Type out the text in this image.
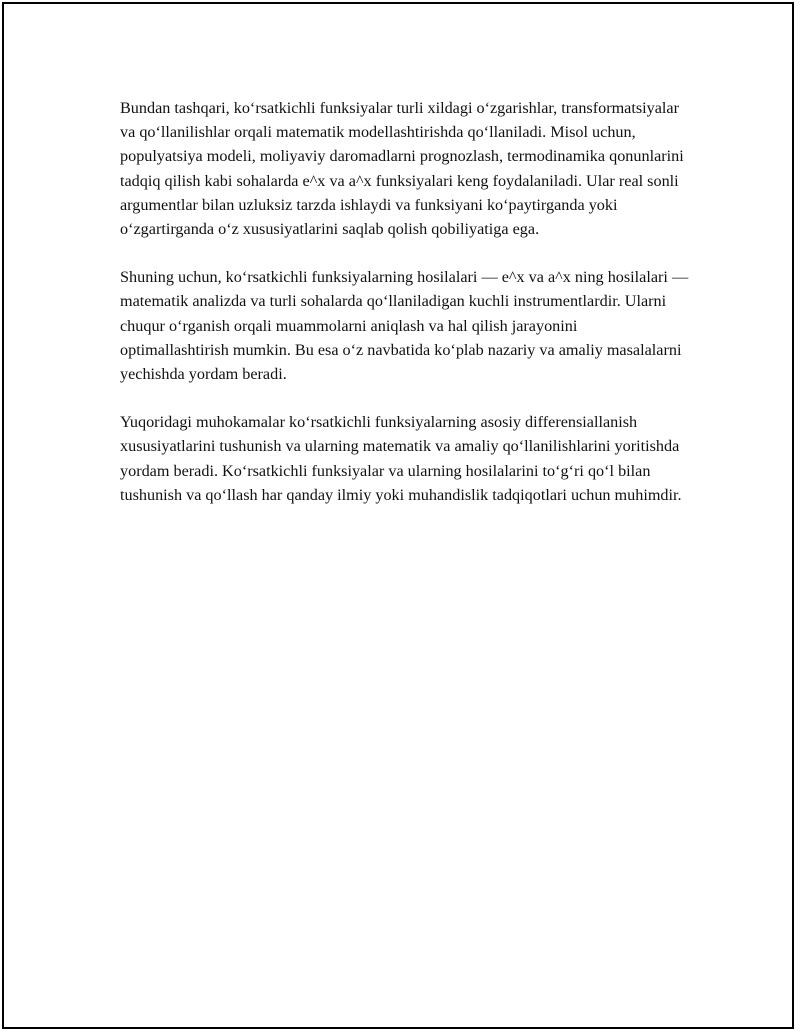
Bundan tashqari, ko‘rsatkichli funksiyalar turli xildagi o‘zgarishlar, transformatsiyalar va qo‘llanilishlar orqali matematik modellashtirishda qo‘llaniladi. Misol uchun, populyatsiya modeli, moliyaviy daromadlarni prognozlash, termodinamika qonunlarini tadqiq qilish kabi sohalarda e^x va a^x funksiyalari keng foydalaniladi. Ular real sonli argumentlar bilan uzluksiz tarzda ishlaydi va funksiyani ko‘paytirganda yoki o‘zgartirganda o‘z xususiyatlarini saqlab qolish qobiliyatiga ega.

Shuning uchun, ko‘rsatkichli funksiyalarning hosilalari — e^x va a^x ning hosilalari — matematik analizda va turli sohalarda qo‘llaniladigan kuchli instrumentlardir. Ularni chuqur o‘rganish orqali muammolarni aniqlash va hal qilish jarayonini optimallashtirish mumkin. Bu esa o‘z navbatida ko‘plab nazariy va amaliy masalalarni yechishda yordam beradi.

Yuqoridagi muhokamalar ko‘rsatkichli funksiyalarning asosiy differensiallanish xususiyatlarini tushunish va ularning matematik va amaliy qo‘llanilishlarini yoritishda yordam beradi. Ko‘rsatkichli funksiyalar va ularning hosilalarini to‘g‘ri qo‘l bilan tushunish va qo‘llash har qanday ilmiy yoki muhandislik tadqiqotlari uchun muhimdir.
